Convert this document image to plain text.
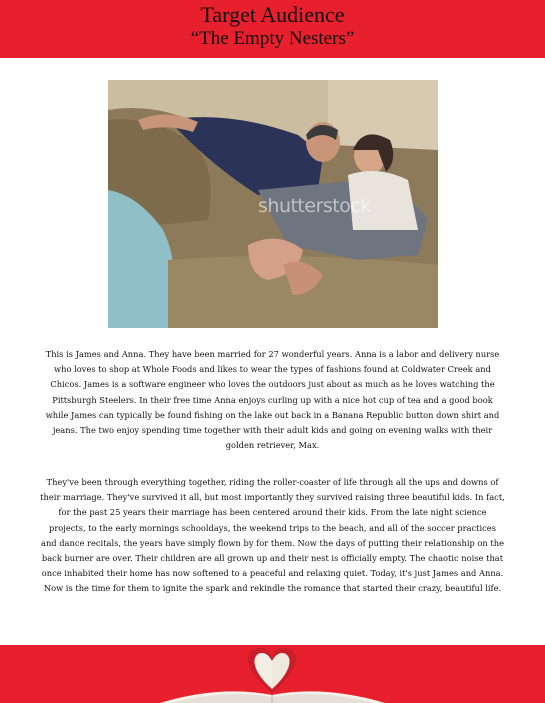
Target Audience
“The Empty Nesters”
shutterstock
This is James and Anna. They have been married for 27 wonderful years. Anna is a labor and delivery nurse who loves to shop at Whole Foods and likes to wear the types of fashions found at Coldwater Creek and Chicos. James is a software engineer who loves the outdoors just about as much as he loves watching the Pittsburgh Steelers. In their free time Anna enjoys curling up with a nice hot cup of tea and a good book while James can typically be found fishing on the lake out back in a Banana Republic button down shirt and jeans. The two enjoy spending time together with their adult kids and going on evening walks with their golden retriever, Max.
They've been through everything together, riding the roller-coaster of life through all the ups and downs of their marriage. They've survived it all, but most importantly they survived raising three beautiful kids. In fact, for the past 25 years their marriage has been centered around their kids. From the late night science projects, to the early mornings schooldays, the weekend trips to the beach, and all of the soccer practices and dance recitals, the years have simply flown by for them. Now the days of putting their relationship on the back burner are over. Their children are all grown up and their nest is officially empty. The chaotic noise that once inhabited their home has now softened to a peaceful and relaxing quiet. Today, it's just James and Anna. Now is the time for them to ignite the spark and rekindle the romance that started their crazy, beautiful life.
